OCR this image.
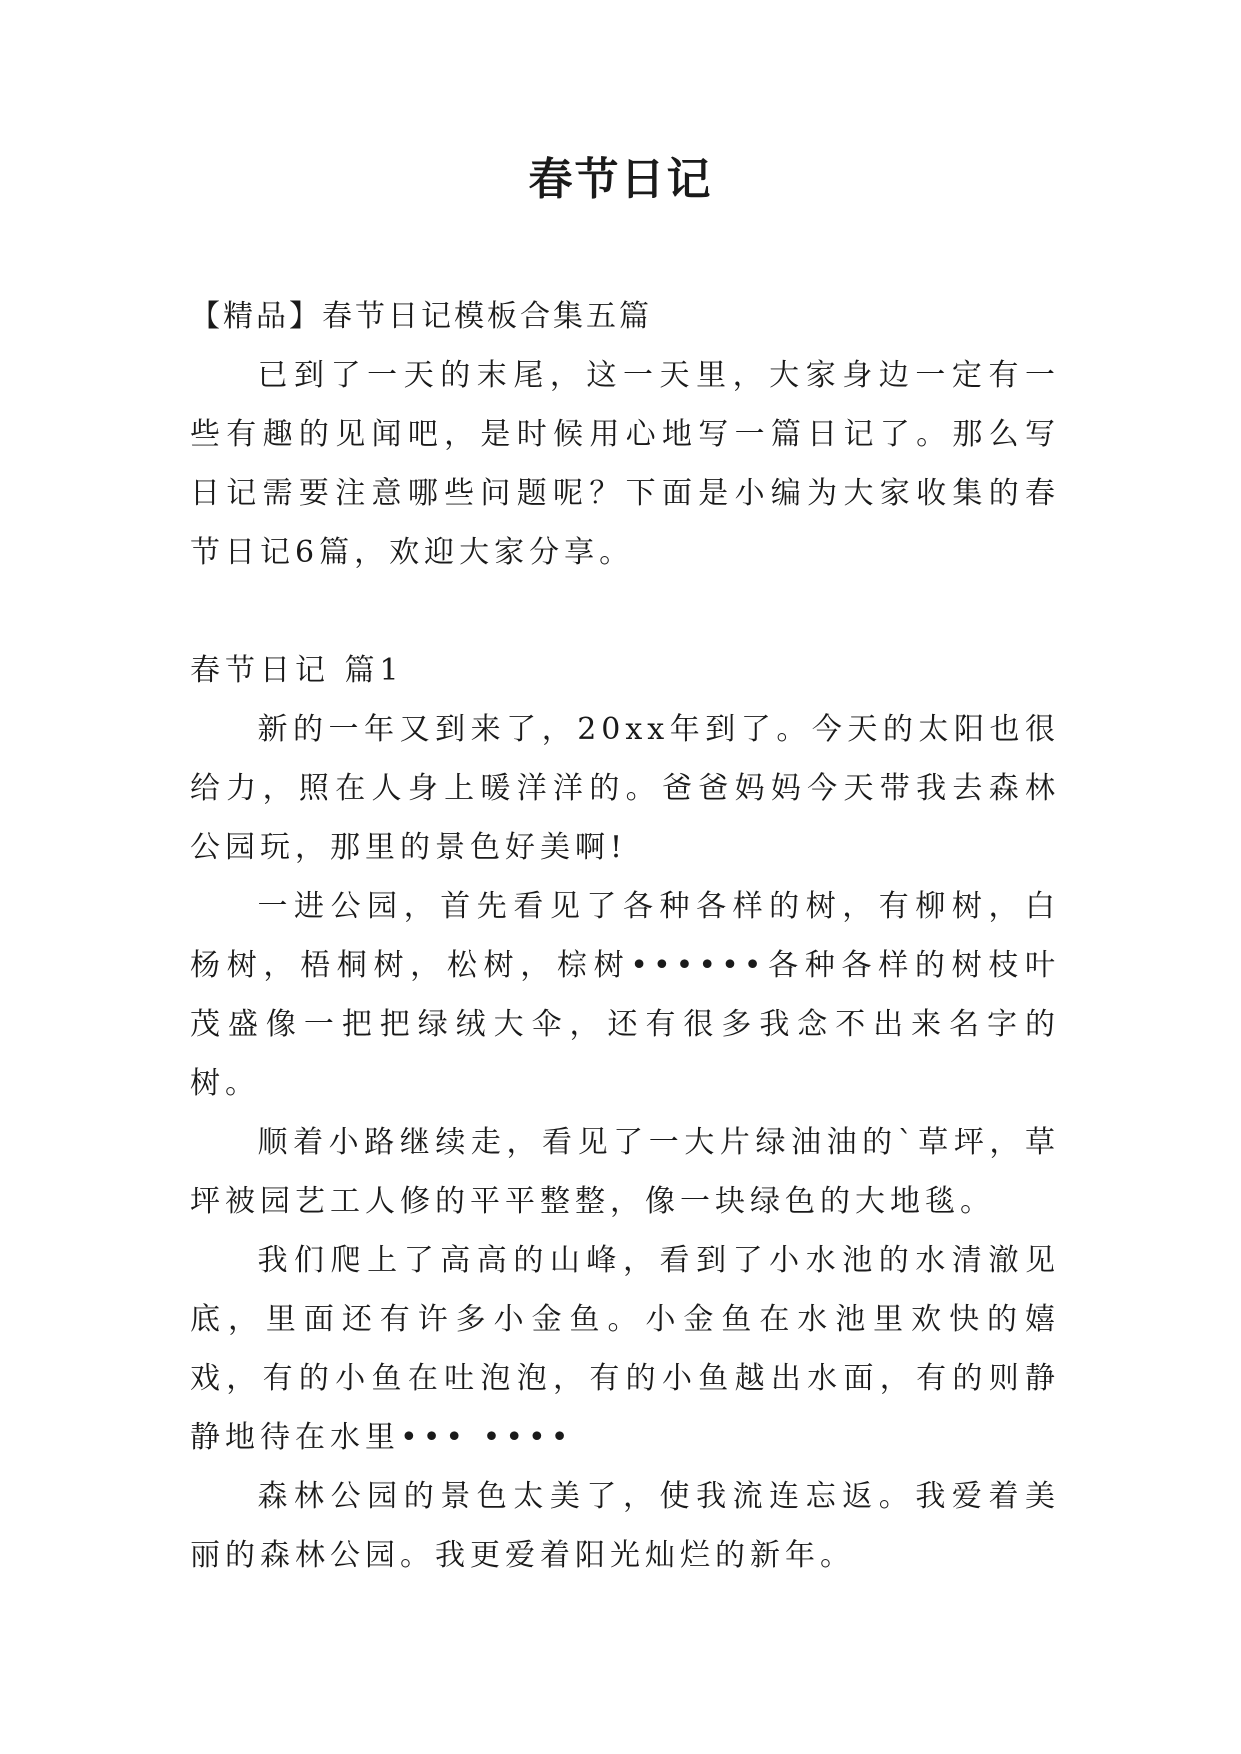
春节日记

【精品】春节日记模板合集五篇

已到了一天的末尾，这一天里，大家身边一定有一些有趣的见闻吧，是时候用心地写一篇日记了。那么写日记需要注意哪些问题呢？下面是小编为大家收集的春节日记6篇，欢迎大家分享。

春节日记 篇1

新的一年又到来了，20xx年到了。今天的太阳也很给力，照在人身上暖洋洋的。爸爸妈妈今天带我去森林公园玩，那里的景色好美啊!

一进公园，首先看见了各种各样的树，有柳树，白杨树，梧桐树，松树，棕树••••••各种各样的树枝叶茂盛像一把把绿绒大伞，还有很多我念不出来名字的树。

顺着小路继续走，看见了一大片绿油油的`草坪，草坪被园艺工人修的平平整整，像一块绿色的大地毯。

我们爬上了高高的山峰，看到了小水池的水清澈见底，里面还有许多小金鱼。小金鱼在水池里欢快的嬉戏，有的小鱼在吐泡泡，有的小鱼越出水面，有的则静静地待在水里••• ••••

森林公园的景色太美了，使我流连忘返。我爱着美丽的森林公园。我更爱着阳光灿烂的新年。
